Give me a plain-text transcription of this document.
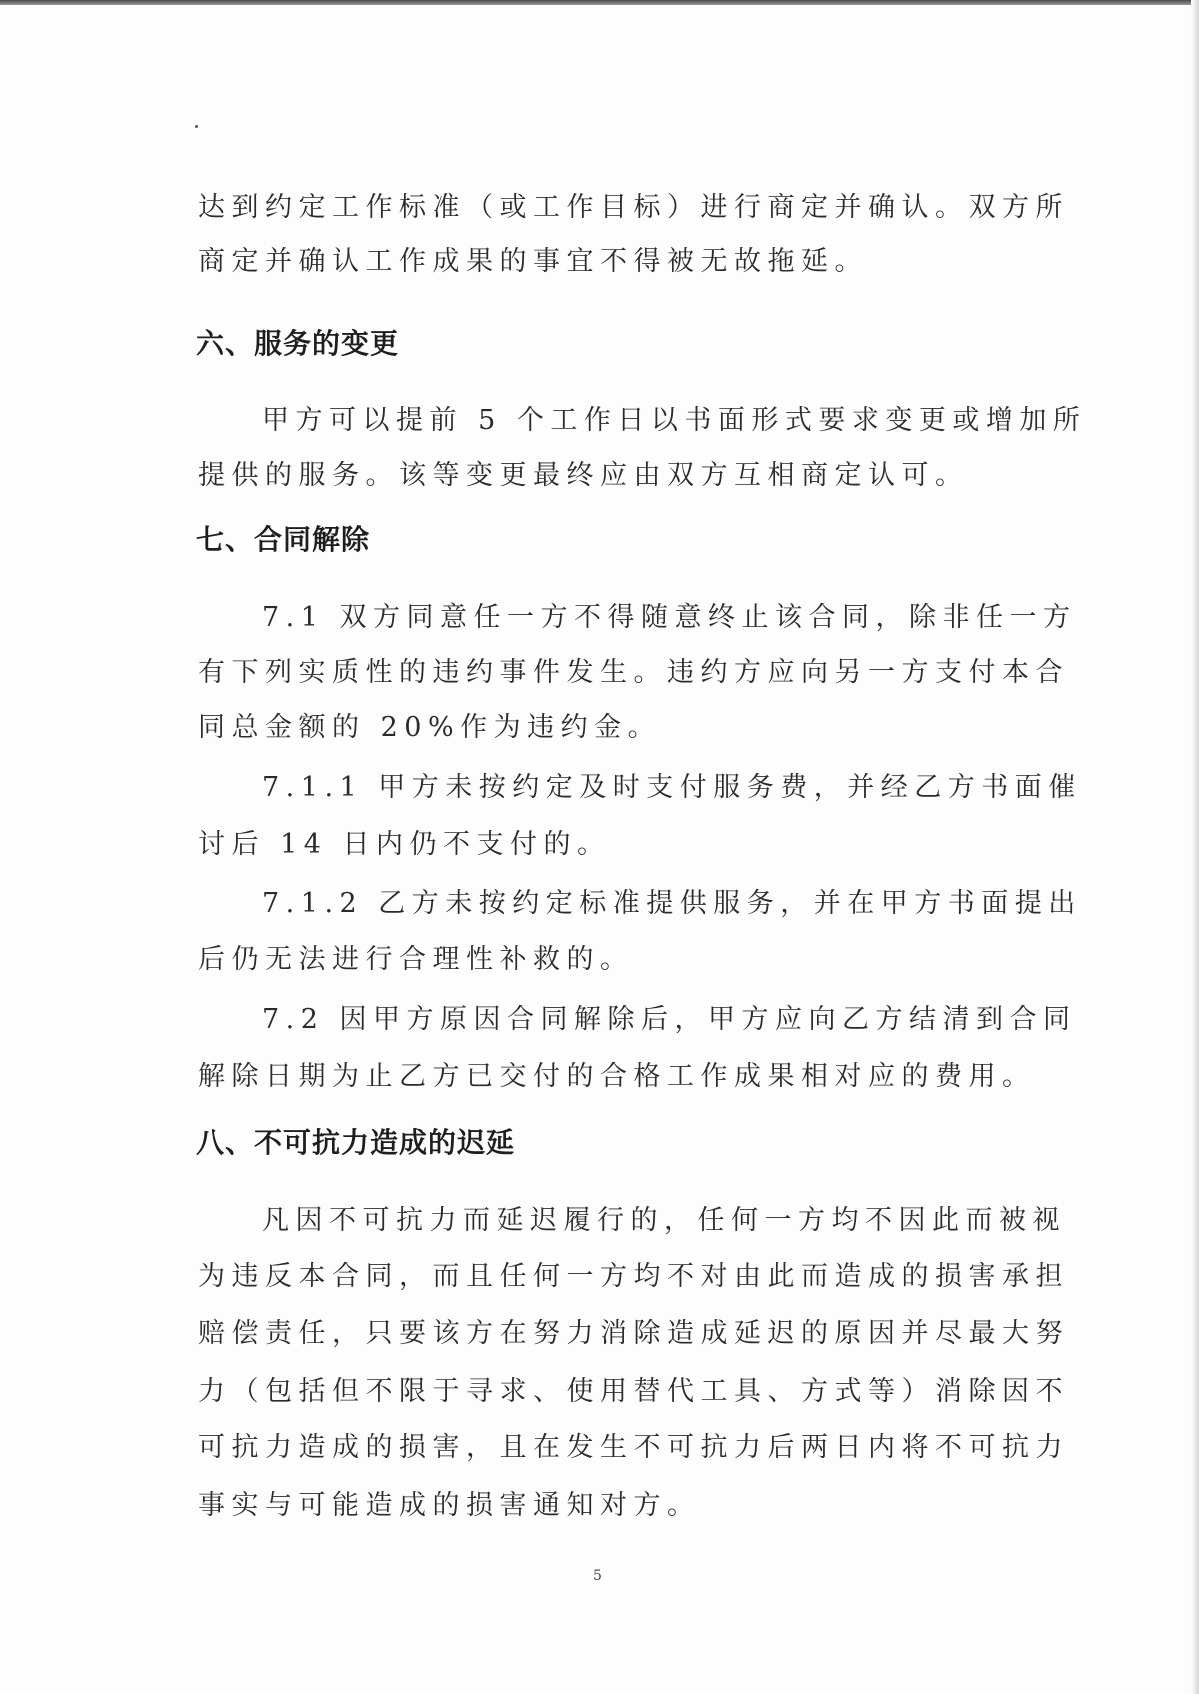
达到约定工作标准（或工作目标）进行商定并确认。双方所
商定并确认工作成果的事宜不得被无故拖延。
六、服务的变更
甲方可以提前 5 个工作日以书面形式要求变更或增加所
提供的服务。该等变更最终应由双方互相商定认可。
七、合同解除
7.1 双方同意任一方不得随意终止该合同，除非任一方
有下列实质性的违约事件发生。违约方应向另一方支付本合
同总金额的 20%作为违约金。
7.1.1 甲方未按约定及时支付服务费，并经乙方书面催
讨后 14 日内仍不支付的。
7.1.2 乙方未按约定标准提供服务，并在甲方书面提出
后仍无法进行合理性补救的。
7.2 因甲方原因合同解除后，甲方应向乙方结清到合同
解除日期为止乙方已交付的合格工作成果相对应的费用。
八、不可抗力造成的迟延
凡因不可抗力而延迟履行的，任何一方均不因此而被视
为违反本合同，而且任何一方均不对由此而造成的损害承担
赔偿责任，只要该方在努力消除造成延迟的原因并尽最大努
力（包括但不限于寻求、使用替代工具、方式等）消除因不
可抗力造成的损害，且在发生不可抗力后两日内将不可抗力
事实与可能造成的损害通知对方。
5
